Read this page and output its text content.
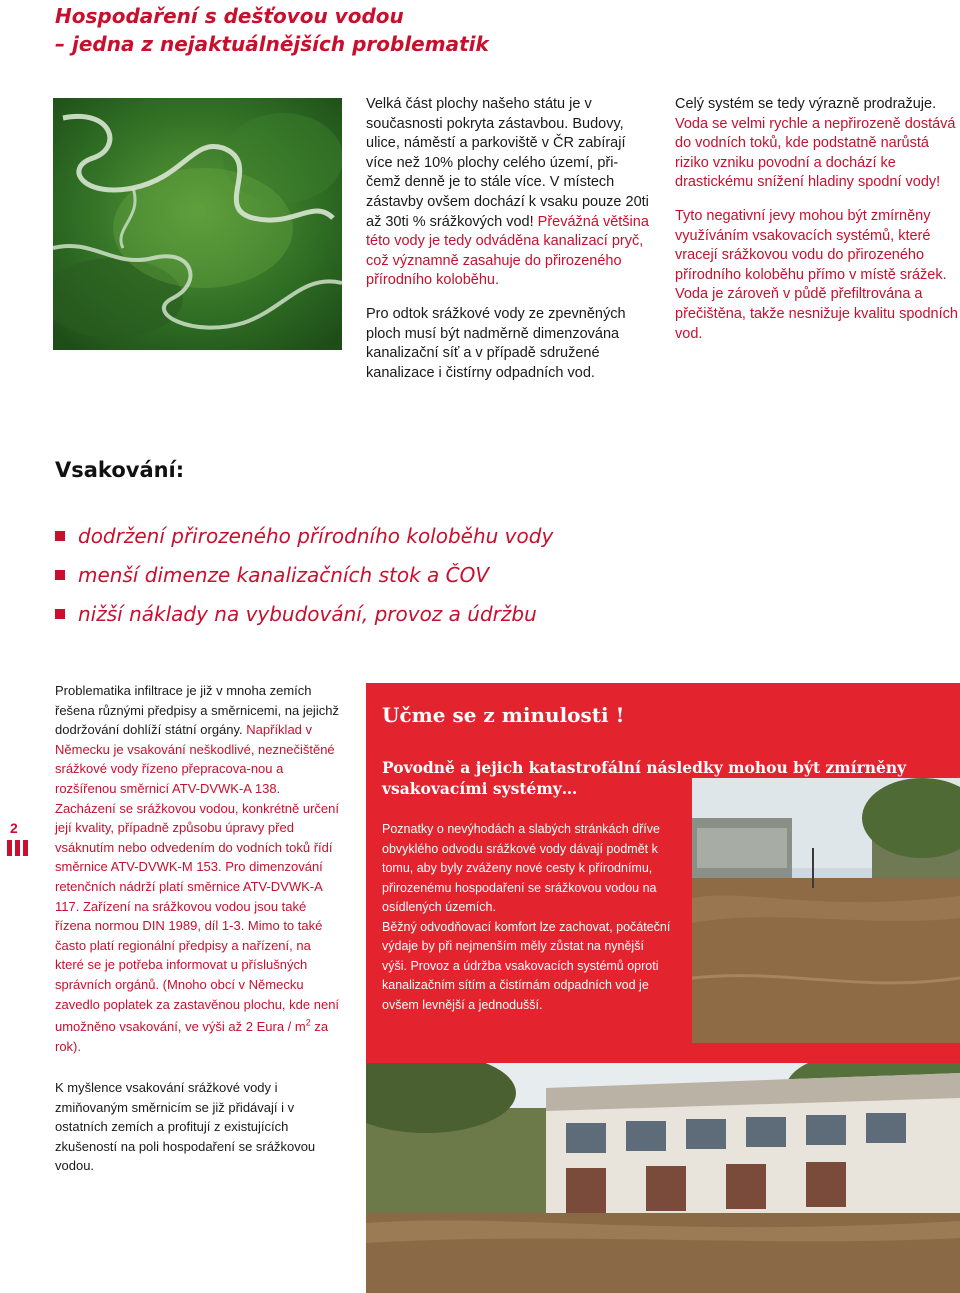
Hospodaření s dešťovou vodou
– jedna z nejaktuálnějších problematik

Velká část plochy našeho státu je v současnosti pokryta zástavbou. Budovy, ulice, náměstí a parkoviště v ČR zabírají více než 10% plochy celého území, při-čemž denně je to stále více. V místech zástavby ovšem dochází k vsaku pouze 20ti až 30ti % srážkových vod! Převážná většina této vody je tedy odváděna kanalizací pryč, což významně zasahuje do přirozeného přírodního koloběhu.

Pro odtok srážkové vody ze zpevněných ploch musí být nadměrně dimenzována kanalizační síť a v případě sdružené kanalizace i čistírny odpadních vod.

Celý systém se tedy výrazně prodražuje. Voda se velmi rychle a nepřirozeně dostává do vodních toků, kde podstatně narůstá riziko vzniku povodní a dochází ke drastickému snížení hladiny spodní vody!

Tyto negativní jevy mohou být zmírněny využíváním vsakovacích systémů, které vracejí srážkovou vodu do přirozeného přírodního koloběhu přímo v místě srážek. Voda je zároveň v půdě přefiltrována a přečištěna, takže nesnižuje kvalitu spodních vod.

Vsakování:
dodržení přirozeného přírodního koloběhu vody
menší dimenze kanalizačních stok a ČOV
nižší náklady na vybudování, provoz a údržbu
2

Problematika infiltrace je již v mnoha zemích řešena různými předpisy a směrnicemi, na jejichž dodržování dohlíží státní orgány. Například v Německu je vsakování neškodlivé, neznečištěné srážkové vody řízeno přepracova-nou a rozšířenou směrnicí ATV-DVWK-A 138. Zacházení se srážkovou vodou, konkrétně určení její kvality, případně způsobu úpravy před vsáknutím nebo odvedením do vodních toků řídí směrnice ATV-DVWK-M 153. Pro dimenzování retenčních nádrží platí směrnice ATV-DVWK-A 117. Zařízení na srážkovou vodou jsou také řízena normou DIN 1989, díl 1-3. Mimo to také často platí regionální předpisy a nařízení, na které se je potřeba informovat u příslušných správních orgánů. (Mnoho obcí v Německu zavedlo poplatek za zastavěnou plochu, kde není umožněno vsakování, ve výši až 2 Eura / $m^2$ za rok).

K myšlence vsakování srážkové vody i zmiňovaným směrnicím se již přidávají i v ostatních zemích a profitují z existujících zkušeností na poli hospodaření se srážkovou vodou.

Učme se z minulosti !
Povodně a jejich katastrofální následky mohou být zmírněny vsakovacími systémy…

Poznatky o nevýhodách a slabých stránkách dříve obvyklého odvodu srážkové vody dávají podmět k tomu, aby byly zváženy nové cesty k přírodnímu, přirozenému hospodaření se srážkovou vodou na osídlených územích.

Běžný odvodňovací komfort lze zachovat, počáteční výdaje by při nejmenším měly zůstat na nynější výši. Provoz a údržba vsakovacích systémů oproti kanalizačním sítím a čistírnám odpadních vod je ovšem levnější a jednodušší.
